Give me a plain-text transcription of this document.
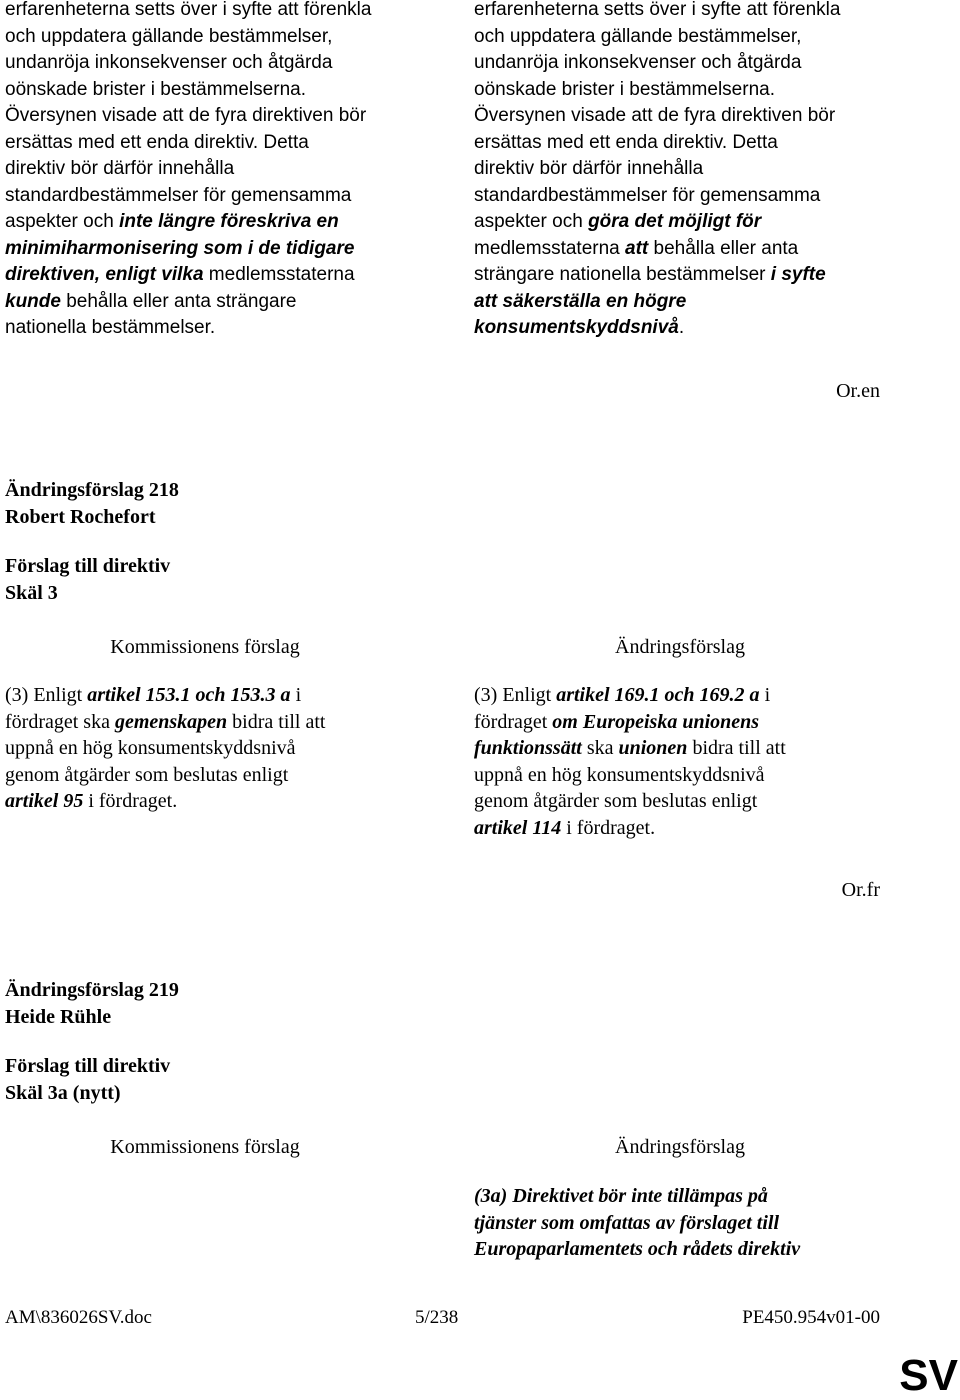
erfarenheterna setts över i syfte att förenkla
och uppdatera gällande bestämmelser,
undanröja inkonsekvenser och åtgärda
oönskade brister i bestämmelserna.
Översynen visade att de fyra direktiven bör
ersättas med ett enda direktiv. Detta
direktiv bör därför innehålla
standardbestämmelser för gemensamma
aspekter och inte längre föreskriva en
minimiharmonisering som i de tidigare
direktiven, enligt vilka medlemsstaterna
kunde behålla eller anta strängare
nationella bestämmelser.
erfarenheterna setts över i syfte att förenkla
och uppdatera gällande bestämmelser,
undanröja inkonsekvenser och åtgärda
oönskade brister i bestämmelserna.
Översynen visade att de fyra direktiven bör
ersättas med ett enda direktiv. Detta
direktiv bör därför innehålla
standardbestämmelser för gemensamma
aspekter och göra det möjligt för
medlemsstaterna att behålla eller anta
strängare nationella bestämmelser i syfte
att säkerställa en högre
konsumentskyddsnivå.
Or.en
Ändringsförslag 218
Robert Rochefort
Förslag till direktiv
Skäl 3
Kommissionens förslag	Ändringsförslag
(3) Enligt artikel 153.1 och 153.3 a i
fördraget ska gemenskapen bidra till att
uppnå en hög konsumentskyddsnivå
genom åtgärder som beslutas enligt
artikel 95 i fördraget.
(3) Enligt artikel 169.1 och 169.2 a i
fördraget om Europeiska unionens
funktionssätt ska unionen bidra till att
uppnå en hög konsumentskyddsnivå
genom åtgärder som beslutas enligt
artikel 114 i fördraget.
Or.fr
Ändringsförslag 219
Heide Rühle
Förslag till direktiv
Skäl 3a (nytt)
Kommissionens förslag	Ändringsförslag
(3a) Direktivet bör inte tillämpas på
tjänster som omfattas av förslaget till
Europaparlamentets och rådets direktiv
AM\836026SV.doc	5/238	PE450.954v01-00
SV
